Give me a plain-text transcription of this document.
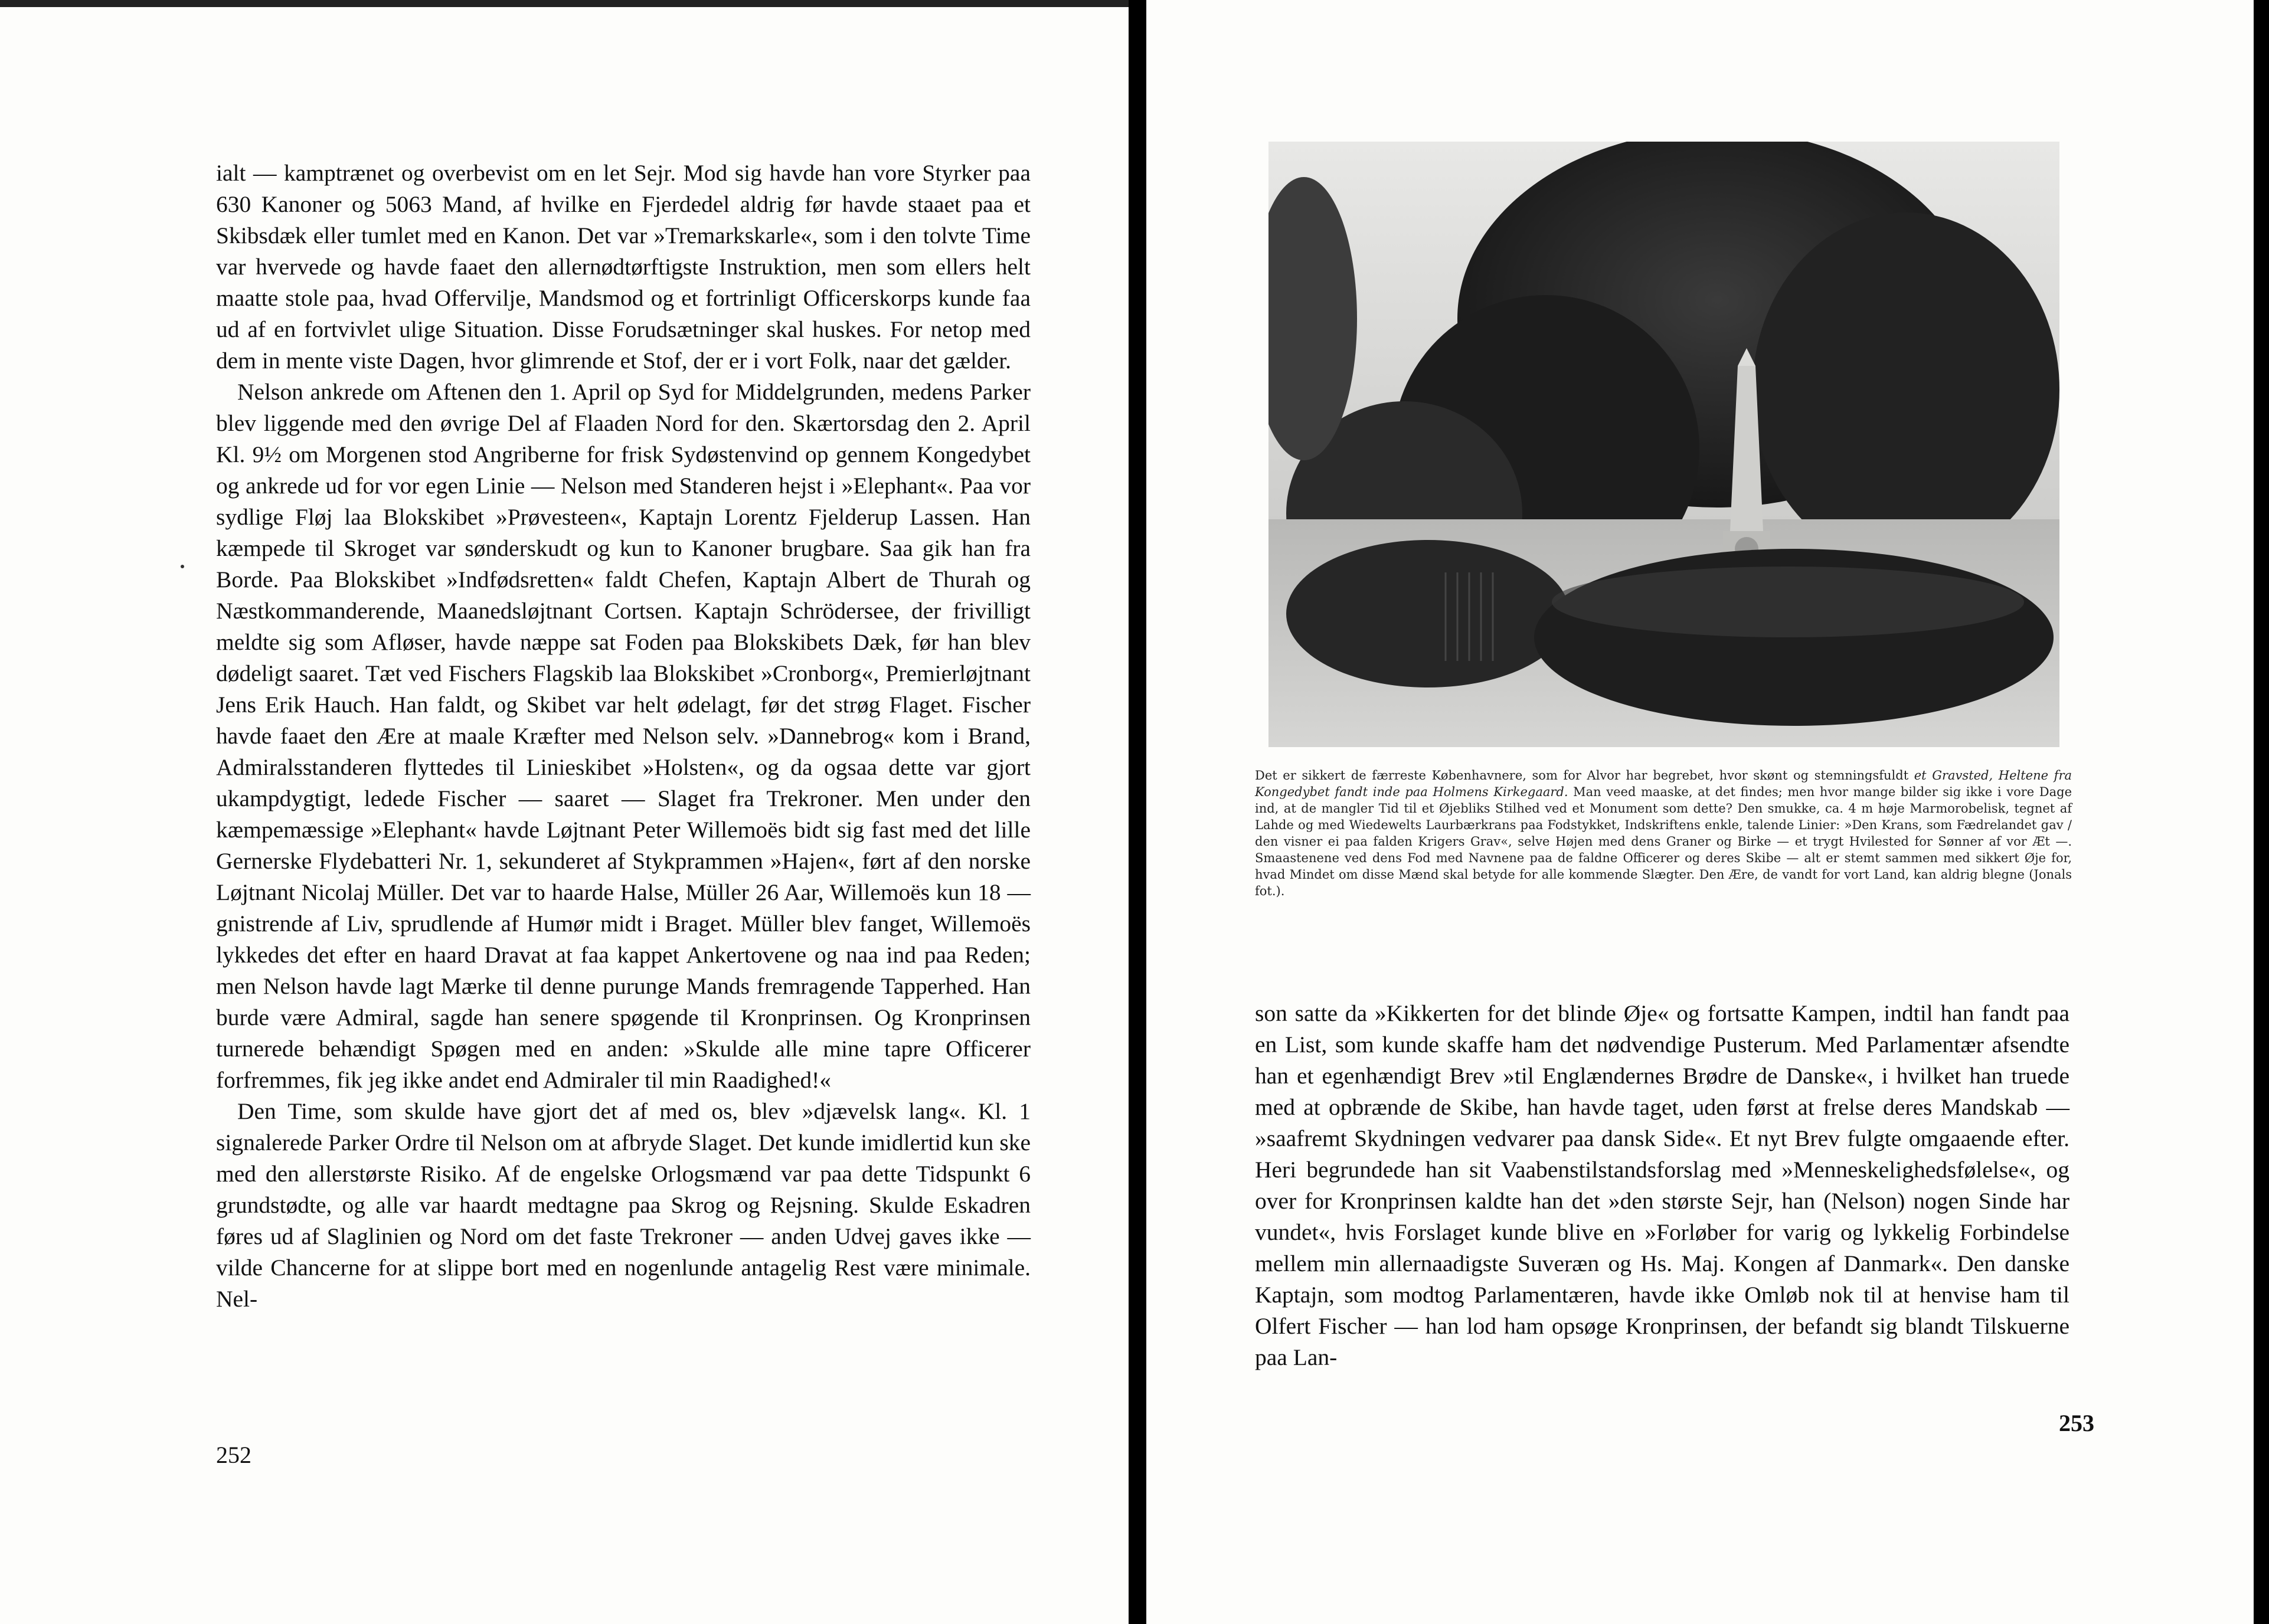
ialt — kamptrænet og overbevist om en let Sejr. Mod sig havde han vore Styrker paa 630 Kanoner og 5063 Mand, af hvilke en Fjerdedel aldrig før havde staaet paa et Skibsdæk eller tumlet med en Kanon. Det var »Tremarkskarle«, som i den tolvte Time var hvervede og havde faaet den allernødtørftigste Instruktion, men som ellers helt maatte stole paa, hvad Offervilje, Mandsmod og et fortrinligt Officerskorps kunde faa ud af en fortvivlet ulige Situation. Disse Forudsætninger skal huskes. For netop med dem in mente viste Dagen, hvor glimrende et Stof, der er i vort Folk, naar det gælder.

Nelson ankrede om Aftenen den 1. April op Syd for Middelgrunden, medens Parker blev liggende med den øvrige Del af Flaaden Nord for den. Skærtorsdag den 2. April Kl. 9½ om Morgenen stod Angriberne for frisk Sydøstenvind op gennem Kongedybet og ankrede ud for vor egen Linie — Nelson med Standeren hejst i »Elephant«. Paa vor sydlige Fløj laa Blokskibet »Prøvesteen«, Kaptajn Lorentz Fjelderup Lassen. Han kæmpede til Skroget var sønderskudt og kun to Kanoner brugbare. Saa gik han fra Borde. Paa Blokskibet »Indfødsretten« faldt Chefen, Kaptajn Albert de Thurah og Næstkommanderende, Maanedsløjtnant Cortsen. Kaptajn Schrödersee, der frivilligt meldte sig som Afløser, havde næppe sat Foden paa Blokskibets Dæk, før han blev dødeligt saaret. Tæt ved Fischers Flagskib laa Blokskibet »Cronborg«, Premierløjtnant Jens Erik Hauch. Han faldt, og Skibet var helt ødelagt, før det strøg Flaget. Fischer havde faaet den Ære at maale Kræfter med Nelson selv. »Dannebrog« kom i Brand, Admiralsstanderen flyttedes til Linieskibet »Holsten«, og da ogsaa dette var gjort ukampdygtigt, ledede Fischer — saaret — Slaget fra Trekroner. Men under den kæmpemæssige »Elephant« havde Løjtnant Peter Willemoës bidt sig fast med det lille Gernerske Flydebatteri Nr. 1, sekunderet af Stykprammen »Hajen«, ført af den norske Løjtnant Nicolaj Müller. Det var to haarde Halse, Müller 26 Aar, Willemoës kun 18 — gnistrende af Liv, sprudlende af Humør midt i Braget. Müller blev fanget, Willemoës lykkedes det efter en haard Dravat at faa kappet Ankertovene og naa ind paa Reden; men Nelson havde lagt Mærke til denne purunge Mands fremragende Tapperhed. Han burde være Admiral, sagde han senere spøgende til Kronprinsen. Og Kronprinsen turnerede behændigt Spøgen med en anden: »Skulde alle mine tapre Officerer forfremmes, fik jeg ikke andet end Admiraler til min Raadighed!«

Den Time, som skulde have gjort det af med os, blev »djævelsk lang«. Kl. 1 signalerede Parker Ordre til Nelson om at afbryde Slaget. Det kunde imidlertid kun ske med den allerstørste Risiko. Af de engelske Orlogsmænd var paa dette Tidspunkt 6 grundstødte, og alle var haardt medtagne paa Skrog og Rejsning. Skulde Eskadren føres ud af Slaglinien og Nord om det faste Trekroner — anden Udvej gaves ikke — vilde Chancerne for at slippe bort med en nogenlunde antagelig Rest være minimale. Nel-

252
Det er sikkert de færreste Københavnere, som for Alvor har begrebet, hvor skønt og stemningsfuldt et Gravsted, Heltene fra Kongedybet fandt inde paa Holmens Kirkegaard. Man veed maaske, at det findes; men hvor mange bilder sig ikke i vore Dage ind, at de mangler Tid til et Øjebliks Stilhed ved et Monument som dette? Den smukke, ca. 4 m høje Marmorobelisk, tegnet af Lahde og med Wiedewelts Laurbærkrans paa Fodstykket, Indskriftens enkle, talende Linier: »Den Krans, som Fædrelandet gav / den visner ei paa falden Krigers Grav«, selve Højen med dens Graner og Birke — et trygt Hvilested for Sønner af vor Æt —. Smaastenene ved dens Fod med Navnene paa de faldne Officerer og deres Skibe — alt er stemt sammen med sikkert Øje for, hvad Mindet om disse Mænd skal betyde for alle kommende Slægter. Den Ære, de vandt for vort Land, kan aldrig blegne (Jonals fot.).

son satte da »Kikkerten for det blinde Øje« og fortsatte Kampen, indtil han fandt paa en List, som kunde skaffe ham det nødvendige Pusterum. Med Parlamentær afsendte han et egenhændigt Brev »til Englændernes Brødre de Danske«, i hvilket han truede med at opbrænde de Skibe, han havde taget, uden først at frelse deres Mandskab — »saafremt Skydningen vedvarer paa dansk Side«. Et nyt Brev fulgte omgaaende efter. Heri begrundede han sit Vaabenstilstandsforslag med »Menneskelighedsfølelse«, og over for Kronprinsen kaldte han det »den største Sejr, han (Nelson) nogen Sinde har vundet«, hvis Forslaget kunde blive en »Forløber for varig og lykkelig Forbindelse mellem min allernaadigste Suveræn og Hs. Maj. Kongen af Danmark«. Den danske Kaptajn, som modtog Parlamentæren, havde ikke Omløb nok til at henvise ham til Olfert Fischer — han lod ham opsøge Kronprinsen, der befandt sig blandt Tilskuerne paa Lan-

253
